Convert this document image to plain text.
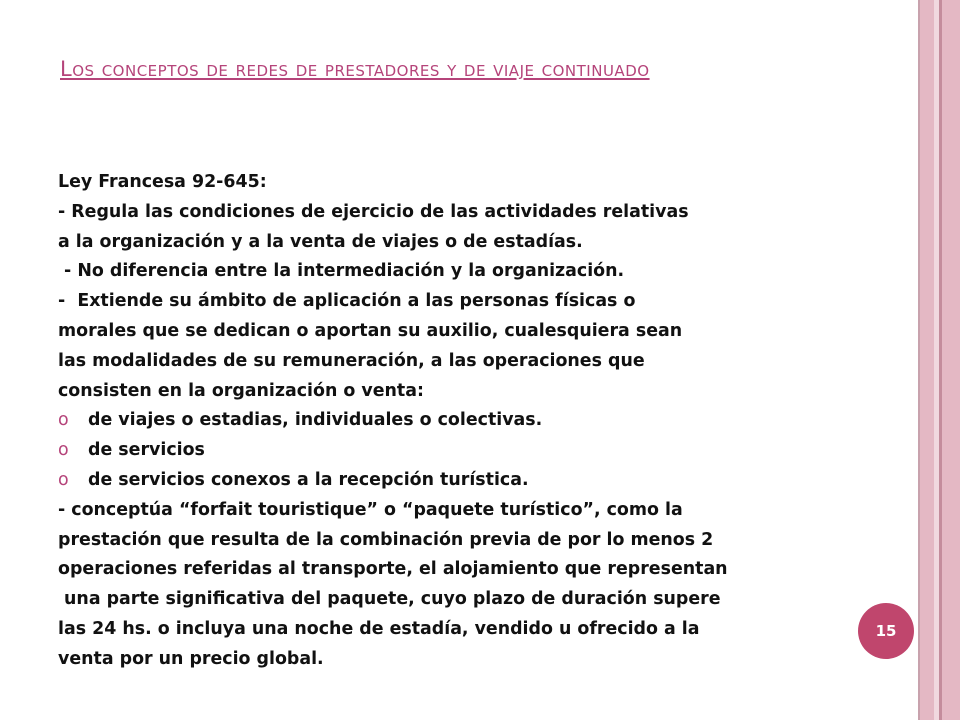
Los conceptos de redes de prestadores y de viaje continuado
Ley Francesa 92-645:
- Regula las condiciones de ejercicio de las actividades relativas
a la organización y a la venta de viajes o de estadías.
- No diferencia entre la intermediación y la organización.
-  Extiende su ámbito de aplicación a las personas físicas o
morales que se dedican o aportan su auxilio, cualesquiera sean
las modalidades de su remuneración, a las operaciones que
consisten en la organización o venta:
o de viajes o estadias, individuales o colectivas.
o de servicios
o de servicios conexos a la recepción turística.
- conceptúa “forfait touristique” o “paquete turístico”, como la
prestación que resulta de la combinación previa de por lo menos 2
operaciones referidas al transporte, el alojamiento que representan
una parte significativa del paquete, cuyo plazo de duración supere
las 24 hs. o incluya una noche de estadía, vendido u ofrecido a la
venta por un precio global.
15
